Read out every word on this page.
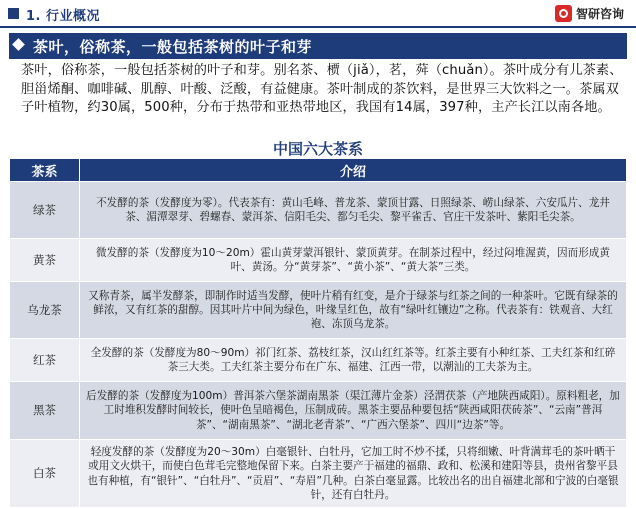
1. 行业概况	智研咨询
茶叶，俗称茶，一般包括茶树的叶子和芽
茶叶，俗称茶，一般包括茶树的叶子和芽。别名茶、槚（jiǎ），茗，荈（chuǎn）。茶叶成分有儿茶素、胆甾烯酮、咖啡碱、肌醇、叶酸、泛酸，有益健康。茶叶制成的茶饮料，是世界三大饮料之一。茶属双子叶植物，约30属，500种，分布于热带和亚热带地区，我国有14属，397种，主产长江以南各地。
中国六大茶系
茶系	介绍
绿茶	不发酵的茶（发酵度为零）。代表茶有：黄山毛峰、普龙茶、蒙顶甘露、日照绿茶、崂山绿茶、六安瓜片、龙井茶、湄潭翠芽、碧螺春、蒙洱茶、信阳毛尖、都匀毛尖、黎平雀舌、官庄干发茶叶、紫阳毛尖茶。
黄茶	微发酵的茶（发酵度为10～20m）霍山黄芽蒙洱银针、蒙顶黄芽。在制茶过程中，经过闷堆渥黄，因而形成黄叶、黄汤。分“黄芽茶”、“黄小茶”、“黄大茶”三类。
乌龙茶	又称青茶，属半发酵茶，即制作时适当发酵，使叶片稍有红变，是介于绿茶与红茶之间的一种茶叶。它既有绿茶的鲜浓，又有红茶的甜醇。因其叶片中间为绿色，叶缘呈红色，故有“绿叶红镶边”之称。代表茶有：铁观音、大红袍、冻顶乌龙茶。
红茶	全发酵的茶（发酵度为80～90m）祁门红茶、荔枝红茶，汉山红红茶等。红茶主要有小种红茶、工夫红茶和红碎茶三大类。工夫红茶主要分布在广东、福建、江西一带，以潮汕的工夫茶为主。
黑茶	后发酵的茶（发酵度为100m）普洱茶六堡茶湖南黑茶（渠江薄片金茶）泾渭茯茶（产地陕西咸阳）。原料粗老，加工时堆积发酵时间较长，使叶色呈暗褐色，压制成砖。黑茶主要品种要包括“陕西咸阳茯砖茶”、“云南”普洱茶”、“湖南黑茶”、“湖北老青茶”、“广西六堡茶”、四川“边茶”等。
白茶	轻度发酵的茶（发酵度为20～30m）白毫银针、白牡丹，它加工时不炒不揉，只将细嫩、叶背满茸毛的茶叶晒干或用文火烘干，而使白色茸毛完整地保留下来。白茶主要产于福建的福鼎、政和、松溪和建阳等县，贵州省黎平县也有种植，有“银针”、“白牡丹”、“贡眉”、“寿眉”几种。白茶白毫显露。比较出名的出自福建北部和宁波的白毫银针，还有白牡丹。
